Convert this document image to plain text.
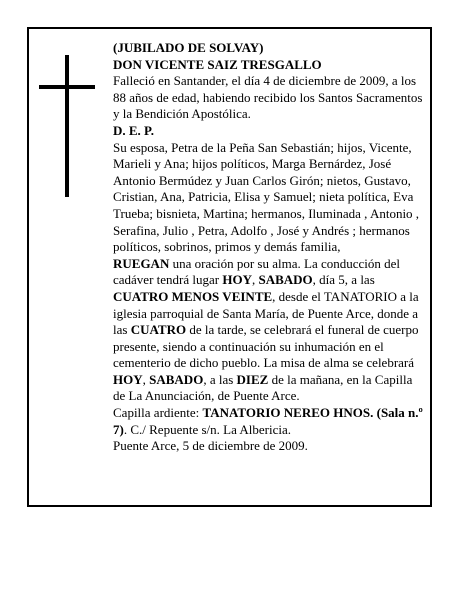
(JUBILADO DE SOLVAY)

DON VICENTE SAIZ TRESGALLO

Falleció en Santander, el día 4 de diciembre de 2009, a los 88 años de edad, habiendo recibido los Santos Sacramentos y la Bendición Apostólica.

D. E. P.

Su esposa, Petra de la Peña San Sebastián; hijos, Vicente, Marieli y Ana; hijos políticos, Marga Bernárdez, José Antonio Bermúdez y Juan Carlos Girón; nietos, Gustavo, Cristian, Ana, Patricia, Elisa y Samuel; nieta política, Eva Trueba; bisnieta, Martina; hermanos, Iluminada , Antonio , Serafina, Julio , Petra, Adolfo , José y Andrés ; hermanos políticos, sobrinos, primos y demás familia,

RUEGAN una oración por su alma. La conducción del cadáver tendrá lugar HOY, SABADO, día 5, a las CUATRO MENOS VEINTE, desde el TANATORIO a la iglesia parroquial de Santa María, de Puente Arce, donde a las CUATRO de la tarde, se celebrará el funeral de cuerpo presente, siendo a continuación su inhumación en el cementerio de dicho pueblo. La misa de alma se celebrará HOY, SABADO, a las DIEZ de la mañana, en la Capilla de La Anunciación, de Puente Arce.

Capilla ardiente: TANATORIO NEREO HNOS. (Sala n.º 7). C./ Repuente s/n. La Albericia.

Puente Arce, 5 de diciembre de 2009.
